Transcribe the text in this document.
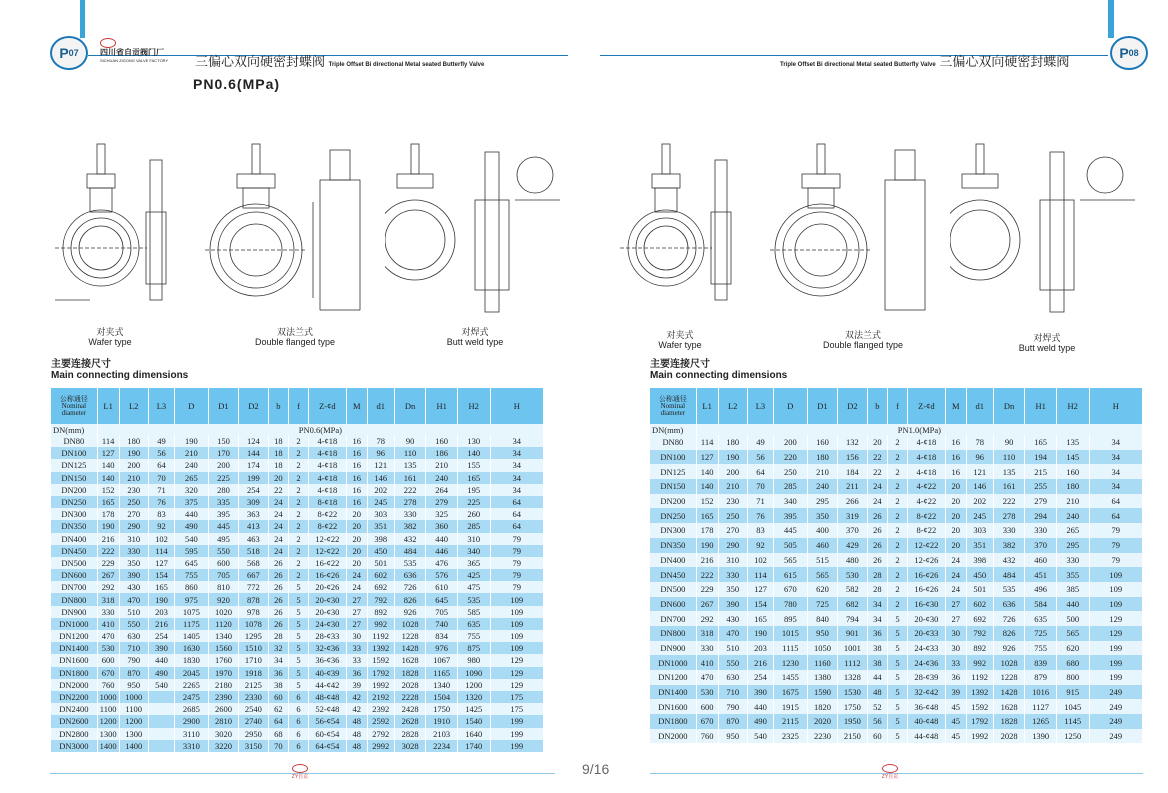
P 07	P 08
四川省自贡阀门厂
SICHUAN ZIGONG VALVE FACTORY 三偏心双向硬密封蝶阀 Triple Offset Bi directional Metal seated Butterfly Valve	Triple Offset Bi directional Metal seated Butterfly Valve 三偏心双向硬密封蝶阀
PN0.6(MPa)
对夹式
Wafer type
双法兰式
Double flanged type
对焊式
Butt weld type
对夹式
Wafer type
双法兰式
Double flanged type
对焊式
Butt weld type
主要连接尺寸
Main connecting dimensions
主要连接尺寸
Main connecting dimensions
公称通径
Nominal
diameter	L1	L2	L3	D	D1	D2	b	f	Z-¢d	M	d1	Dn	H1	H2	H
DN(mm)	PN0.6(MPa)														
DN80	114	180	49	190	150	124	18	2	4-¢18	16	78	90	160	130	34
DN100	127	190	56	210	170	144	18	2	4-¢18	16	96	110	186	140	34
DN125	140	200	64	240	200	174	18	2	4-¢18	16	121	135	210	155	34
DN150	140	210	70	265	225	199	20	2	4-¢18	16	146	161	240	165	34
DN200	152	230	71	320	280	254	22	2	4-¢18	16	202	222	264	195	34
DN250	165	250	76	375	335	309	24	2	8-¢18	16	245	278	279	225	64
DN300	178	270	83	440	395	363	24	2	8-¢22	20	303	330	325	260	64
DN350	190	290	92	490	445	413	24	2	8-¢22	20	351	382	360	285	64
DN400	216	310	102	540	495	463	24	2	12-¢22	20	398	432	440	310	79
DN450	222	330	114	595	550	518	24	2	12-¢22	20	450	484	446	340	79
DN500	229	350	127	645	600	568	26	2	16-¢22	20	501	535	476	365	79
DN600	267	390	154	755	705	667	26	2	16-¢26	24	602	636	576	425	79
DN700	292	430	165	860	810	772	26	5	20-¢26	24	692	726	610	475	79
DN800	318	470	190	975	920	878	26	5	20-¢30	27	792	826	645	535	109
DN900	330	510	203	1075	1020	978	26	5	20-¢30	27	892	926	705	585	109
DN1000	410	550	216	1175	1120	1078	26	5	24-¢30	27	992	1028	740	635	109
DN1200	470	630	254	1405	1340	1295	28	5	28-¢33	30	1192	1228	834	755	109
DN1400	530	710	390	1630	1560	1510	32	5	32-¢36	33	1392	1428	976	875	109
DN1600	600	790	440	1830	1760	1710	34	5	36-¢36	33	1592	1628	1067	980	129
DN1800	670	870	490	2045	1970	1918	36	5	40-¢39	36	1792	1828	1165	1090	129
DN2000	760	950	540	2265	2180	2125	38	5	44-¢42	39	1992	2028	1340	1200	129
DN2200	1000	1000		2475	2390	2330	60	6	48-¢48	42	2192	2228	1504	1320	175
DN2400	1100	1100		2685	2600	2540	62	6	52-¢48	42	2392	2428	1750	1425	175
DN2600	1200	1200		2900	2810	2740	64	6	56-¢54	48	2592	2628	1910	1540	199
DN2800	1300	1300		3110	3020	2950	68	6	60-¢54	48	2792	2828	2103	1640	199
DN3000	1400	1400		3310	3220	3150	70	6	64-¢54	48	2992	3028	2234	1740	199
公称通径
Nominal
diameter	L1	L2	L3	D	D1	D2	b	f	Z-¢d	M	d1	Dn	H1	H2	H
DN(mm)	PN1.0(MPa)														
DN80	114	180	49	200	160	132	20	2	4-¢18	16	78	90	165	135	34
DN100	127	190	56	220	180	156	22	2	4-¢18	16	96	110	194	145	34
DN125	140	200	64	250	210	184	22	2	4-¢18	16	121	135	215	160	34
DN150	140	210	70	285	240	211	24	2	4-¢22	20	146	161	255	180	34
DN200	152	230	71	340	295	266	24	2	4-¢22	20	202	222	279	210	64
DN250	165	250	76	395	350	319	26	2	8-¢22	20	245	278	294	240	64
DN300	178	270	83	445	400	370	26	2	8-¢22	20	303	330	330	265	79
DN350	190	290	92	505	460	429	26	2	12-¢22	20	351	382	370	295	79
DN400	216	310	102	565	515	480	26	2	12-¢26	24	398	432	460	330	79
DN450	222	330	114	615	565	530	28	2	16-¢26	24	450	484	451	355	109
DN500	229	350	127	670	620	582	28	2	16-¢26	24	501	535	496	385	109
DN600	267	390	154	780	725	682	34	2	16-¢30	27	602	636	584	440	109
DN700	292	430	165	895	840	794	34	5	20-¢30	27	692	726	635	500	129
DN800	318	470	190	1015	950	901	36	5	20-¢33	30	792	826	725	565	129
DN900	330	510	203	1115	1050	1001	38	5	24-¢33	30	892	926	755	620	199
DN1000	410	550	216	1230	1160	1112	38	5	24-¢36	33	992	1028	839	680	199
DN1200	470	630	254	1455	1380	1328	44	5	28-¢39	36	1192	1228	879	800	199
DN1400	530	710	390	1675	1590	1530	48	5	32-¢42	39	1392	1428	1016	915	249
DN1600	600	790	440	1915	1820	1750	52	5	36-¢48	45	1592	1628	1127	1045	249
DN1800	670	870	490	2115	2020	1950	56	5	40-¢48	45	1792	1828	1265	1145	249
DN2000	760	950	540	2325	2230	2150	60	5	44-¢48	45	1992	2028	1390	1250	249
9/16
ZY自贡	ZY自贡
